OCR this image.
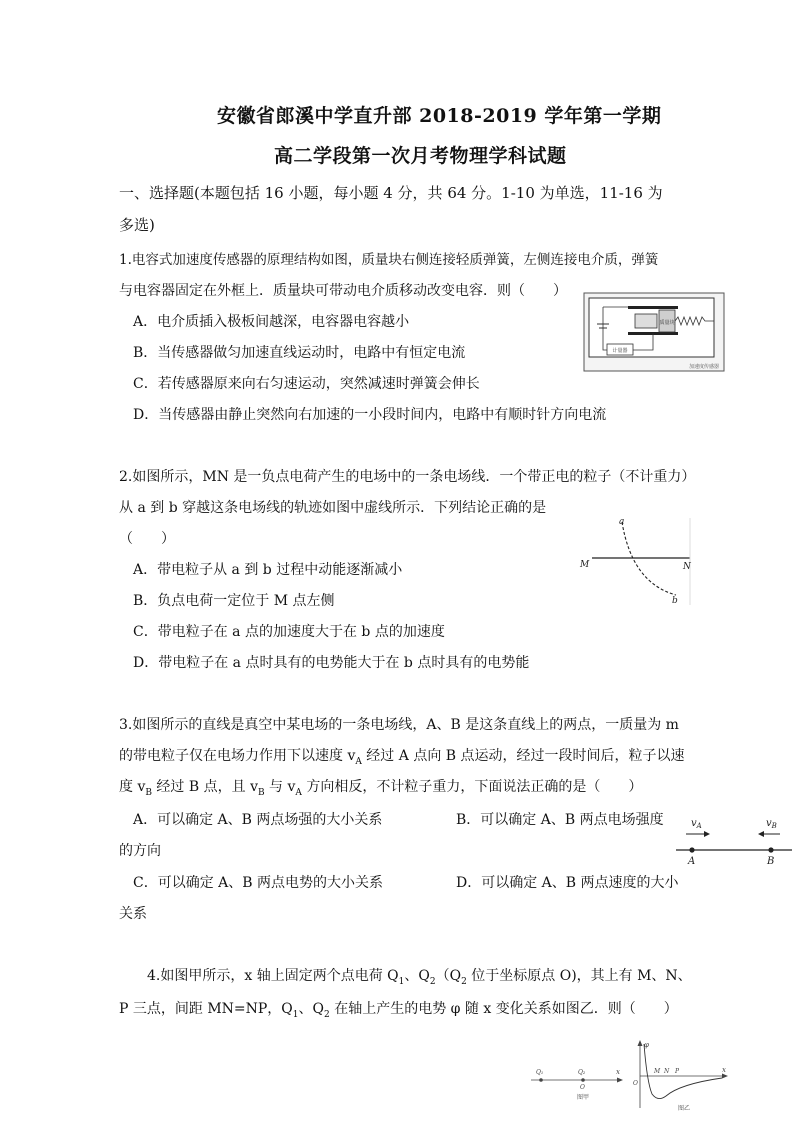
安徽省郎溪中学直升部 2018-2019 学年第一学期
高二学段第一次月考物理学科试题
一、选择题(本题包括 16 小题，每小题 4 分，共 64 分。1-10 为单选，11-16 为
多选)
1.电容式加速度传感器的原理结构如图，质量块右侧连接轻质弹簧，左侧连接电介质，弹簧
与电容器固定在外框上．质量块可带动电介质移动改变电容．则（　　）
A．电介质插入极板间越深，电容器电容越小
B．当传感器做匀加速直线运动时，电路中有恒定电流
C．若传感器原来向右匀速运动，突然减速时弹簧会伸长
D．当传感器由静止突然向右加速的一小段时间内，电路中有顺时针方向电流
质量块
计量器
加速度传感器
2.如图所示，MN 是一负点电荷产生的电场中的一条电场线．一个带正电的粒子（不计重力）
从 a 到 b 穿越这条电场线的轨迹如图中虚线所示．下列结论正确的是
（　　）
A．带电粒子从 a 到 b 过程中动能逐渐减小
B．负点电荷一定位于 M 点左侧
C．带电粒子在 a 点的加速度大于在 b 点的加速度
D．带电粒子在 a 点时具有的电势能大于在 b 点时具有的电势能
a
b
M	N
3.如图所示的直线是真空中某电场的一条电场线，A、B 是这条直线上的两点，一质量为 m
的带电粒子仅在电场力作用下以速度 $v_A$ 经过 A 点向 B 点运动，经过一段时间后，粒子以速
度 $v_B$ 经过 B 点，且 $v_B$ 与 $v_A$ 方向相反，不计粒子重力，下面说法正确的是（　　）
A．可以确定 A、B 两点场强的大小关系	B．可以确定 A、B 两点电场强度
的方向
C．可以确定 A、B 两点电势的大小关系	D．可以确定 A、B 两点速度的大小
关系
$v_A$	$v_B$
A	B
4.如图甲所示，x 轴上固定两个点电荷 $Q_1$、$Q_2(Q_2$ 位于坐标原点 O)，其上有 M、N、
P 三点，间距 MN=NP，$Q_1$、$Q_2$ 在轴上产生的电势 φ 随 x 变化关系如图乙．则（　　）
Q₁	Q₂
O
x
图甲
φ
O
M N P	x
图乙
